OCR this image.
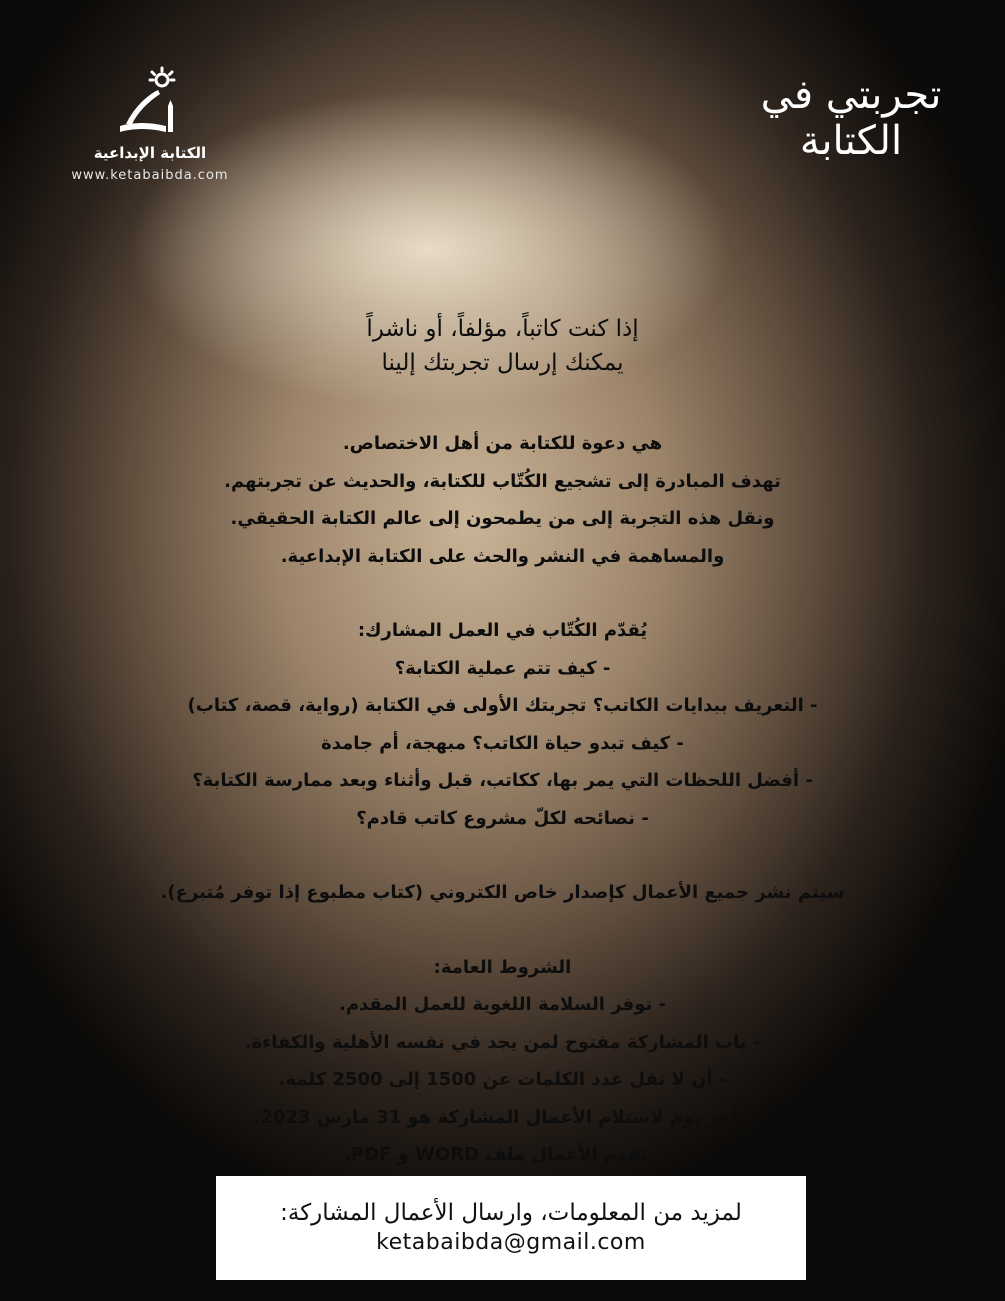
الكتابة الإبداعية
www.ketabaibda.com
تجربتي في
الكتابة

إذا كنت كاتباً، مؤلفاً، أو ناشراً

يمكنك إرسال تجربتك إلينا

هي دعوة للكتابة من أهل الاختصاص.

تهدف المبادرة إلى تشجيع الكُتّاب للكتابة، والحديث عن تجربتهم.

ونقل هذه التجربة إلى من يطمحون إلى عالم الكتابة الحقيقي.

والمساهمة في النشر والحث على الكتابة الإبداعية.

يُقدّم الكُتّاب في العمل المشارك:

- كيف تتم عملية الكتابة؟

- التعريف ببدايات الكاتب؟ تجربتك الأولى في الكتابة (رواية، قصة، كتاب)

- كيف تبدو حياة الكاتب؟ مبهجة، أم جامدة

- أفضل اللحظات التي يمر بها، ككاتب، قبل وأثناء وبعد ممارسة الكتابة؟

- نصائحه لكلّ مشروع كاتب قادم؟

سيتم نشر جميع الأعمال كإصدار خاص الكتروني (كتاب مطبوع إذا توفر مُتبرع).

الشروط العامة:

- توفر السلامة اللغوية للعمل المقدم.

- باب المشاركة مفتوح لمن يجد في نفسه الأهلية والكفاءة.

- أن لا تقل عدد الكلمات عن 1500 إلى 2500 كلمة.

- آخر يوم لاستلام الأعمال المشاركة هو 31 مارس 2023.

- تقدم الأعمال ملف WORD و PDF.

لمزيد من المعلومات، وارسال الأعمال المشاركة:
ketabaibda@gmail.com
